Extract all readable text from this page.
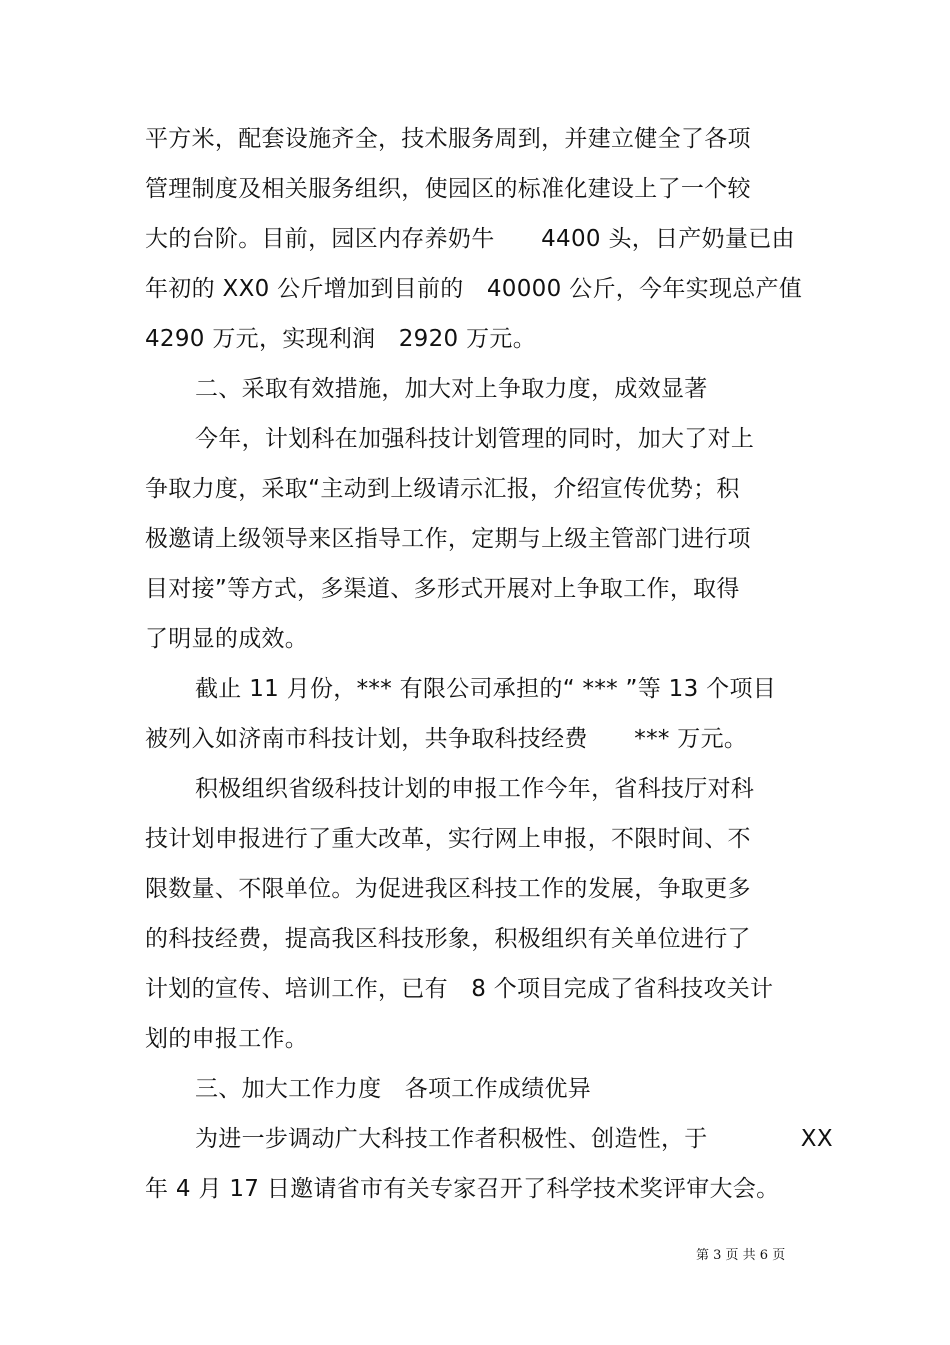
平方米，配套设施齐全，技术服务周到，并建立健全了各项
管理制度及相关服务组织，使园区的标准化建设上了一个较
大的台阶。目前，园区内存养奶牛　　4400 头，日产奶量已由
年初的 XX0 公斤增加到目前的　40000 公斤，今年实现总产值
4290 万元，实现利润　2920 万元。
二、采取有效措施，加大对上争取力度，成效显著
今年，计划科在加强科技计划管理的同时，加大了对上
争取力度，采取“主动到上级请示汇报，介绍宣传优势；积
极邀请上级领导来区指导工作，定期与上级主管部门进行项
目对接”等方式，多渠道、多形式开展对上争取工作，取得
了明显的成效。
截止 11 月份，*** 有限公司承担的“ *** ”等 13 个项目
被列入如济南市科技计划，共争取科技经费　　*** 万元。
积极组织省级科技计划的申报工作今年，省科技厅对科
技计划申报进行了重大改革，实行网上申报，不限时间、不
限数量、不限单位。为促进我区科技工作的发展，争取更多
的科技经费，提高我区科技形象，积极组织有关单位进行了
计划的宣传、培训工作，已有　8 个项目完成了省科技攻关计
划的申报工作。
三、加大工作力度　各项工作成绩优异
为进一步调动广大科技工作者积极性、创造性，于　　　　XX
年 4 月 17 日邀请省市有关专家召开了科学技术奖评审大会。
第 3 页 共 6 页
